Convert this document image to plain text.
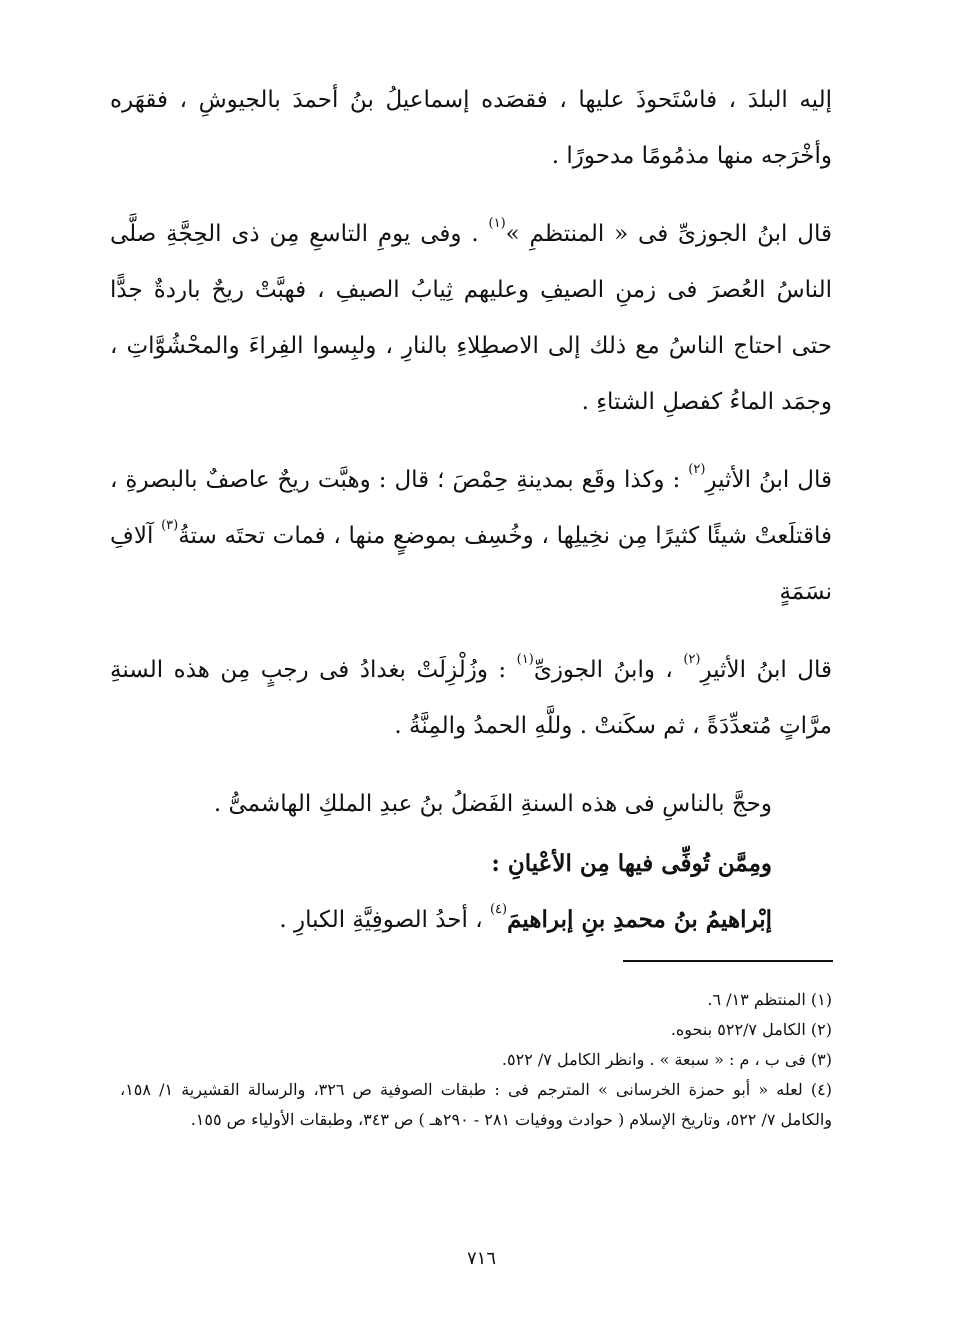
إليه البلدَ ، فاسْتَحوذَ عليها ، فقصَده إسماعيلُ بنُ أحمدَ بالجيوشِ ، فقهَره وأخْرَجه منها مذمُومًا مدحورًا .

قال ابنُ الجوزىِّ فى « المنتظمِ »$^{(١)}$ . وفى يومِ التاسعِ مِن ذى الحِجَّةِ صلَّى الناسُ العُصرَ فى زمنِ الصيفِ وعليهم ثِيابُ الصيفِ ، فهبَّتْ ريحٌ باردةٌ جدًّا حتى احتاج الناسُ مع ذلك إلى الاصطِلاءِ بالنارِ ، ولبِسوا الفِراءَ والمحْشُوَّاتِ ، وجمَد الماءُ كفصلِ الشتاءِ .

قال ابنُ الأثيرِ$^{(٢)}$ : وكذا وقَع بمدينةِ حِمْصَ ؛ قال : وهبَّت ريحٌ عاصفٌ بالبصرةِ ، فاقتلَعتْ شيئًا كثيرًا مِن نخِيلِها ، وخُسِف بموضعٍ منها ، فمات تحتَه ستةُ$^{(٣)}$ آلافِ نسَمَةٍ

قال ابنُ الأثيرِ$^{(٢)}$ ، وابنُ الجوزىِّ$^{(١)}$ : وزُلْزِلَتْ بغدادُ فى رجبٍ مِن هذه السنةِ مرَّاتٍ مُتعدِّدَةً ، ثم سكَنتْ . وللَّهِ الحمدُ والمِنَّةُ .

وحجَّ بالناسِ فى هذه السنةِ الفَضلُ بنُ عبدِ الملكِ الهاشمىُّ .

ومِمَّن تُوفِّى فيها مِن الأعْيانِ :

إبْراهيمُ بنُ محمدِ بنِ إبراهيمَ$^{(٤)}$ ، أحدُ الصوفِيَّةِ الكبارِ .

(١) المنتظم ١٣/ ٦.

(٢) الكامل ٥٢٢/٧ بنحوه.

(٣) فى ب ، م : « سبعة » . وانظر الكامل ٧/ ٥٢٢.

(٤) لعله « أبو حمزة الخرسانى » المترجم فى : طبقات الصوفية ص ٣٢٦، والرسالة القشيرية ١/ ١٥٨، والكامل ٧/ ٥٢٢، وتاريخ الإسلام ( حوادث ووفيات ٢٨١ - ٢٩٠هـ ) ص ٣٤٣، وطبقات الأولياء ص ١٥٥.

٧١٦
